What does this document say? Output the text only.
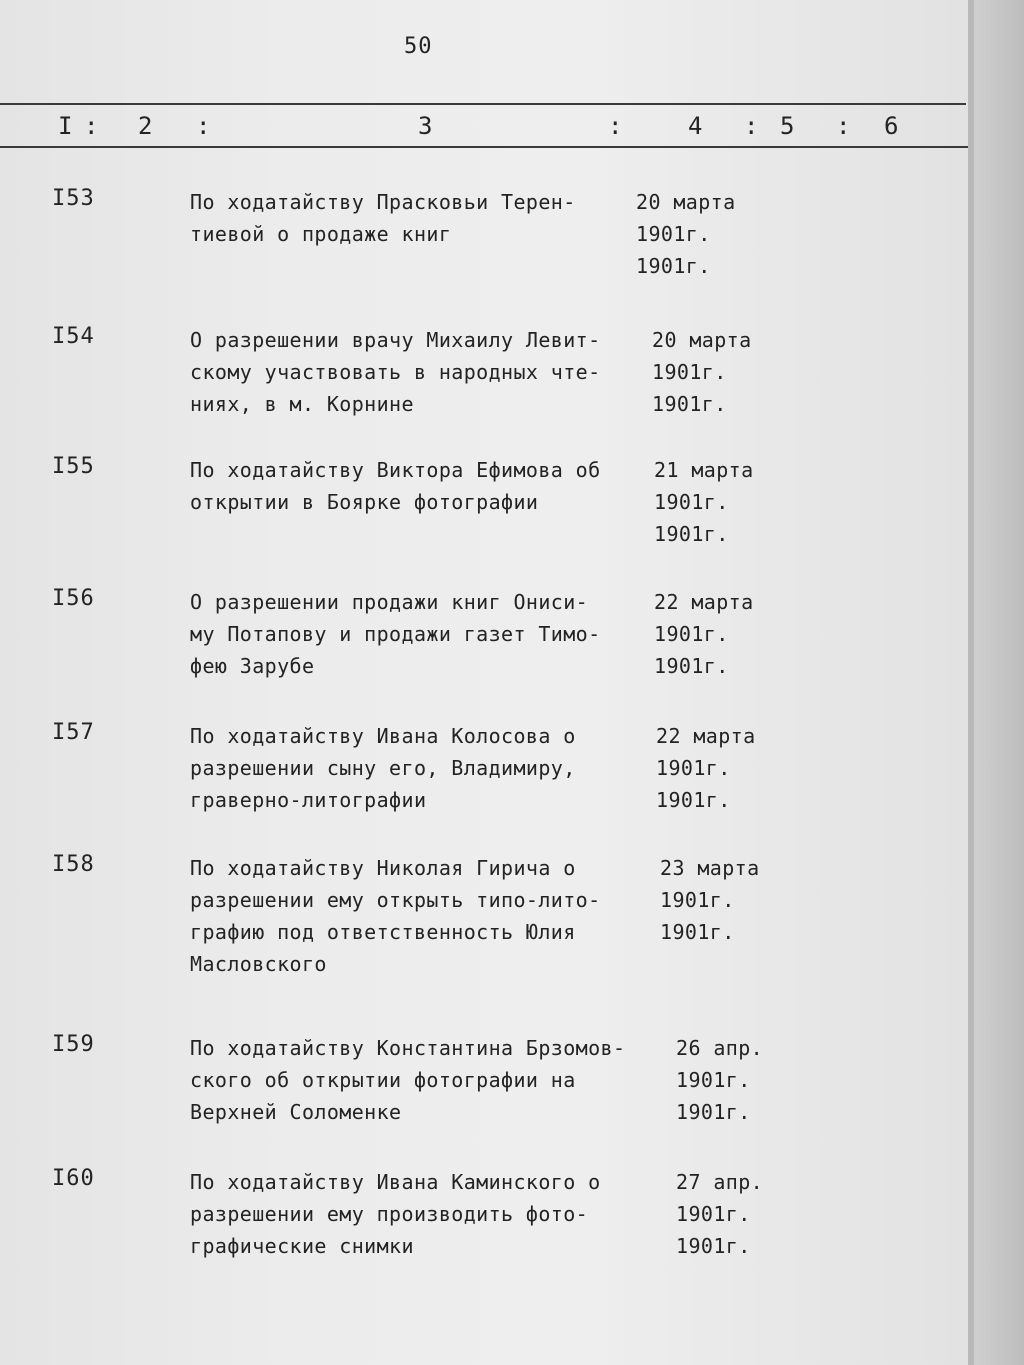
50
I : 2 :	3	:	4 : 5 : 6
I53	По ходатайству Прасковьи Терен-
тиевой о продаже книг
20 марта
1901г.
1901г.
I54	О разрешении врачу Михаилу Левит-
скому участвовать в народных чте-
ниях, в м. Корнине
20 марта
1901г.
1901г.
I55	По ходатайству Виктора Ефимова об
открытии в Боярке фотографии
21 марта
1901г.
1901г.
I56	О разрешении продажи книг Ониси-
му Потапову и продажи газет Тимо-
фею Зарубе
22 марта
1901г.
1901г.
I57	По ходатайству Ивана Колосова о
разрешении сыну его, Владимиру,
граверно-литографии
22 марта
1901г.
1901г.
I58	По ходатайству Николая Гирича о
разрешении ему открыть типо-лито-
графию под ответственность Юлия
Масловского
23 марта
1901г.
1901г.
I59	По ходатайству Константина Брзомов-
ского об открытии фотографии на
Верхней Соломенке
26 апр.
1901г.
1901г.
I60	По ходатайству Ивана Каминского о
разрешении ему производить фото-
графические снимки
27 апр.
1901г.
1901г.
